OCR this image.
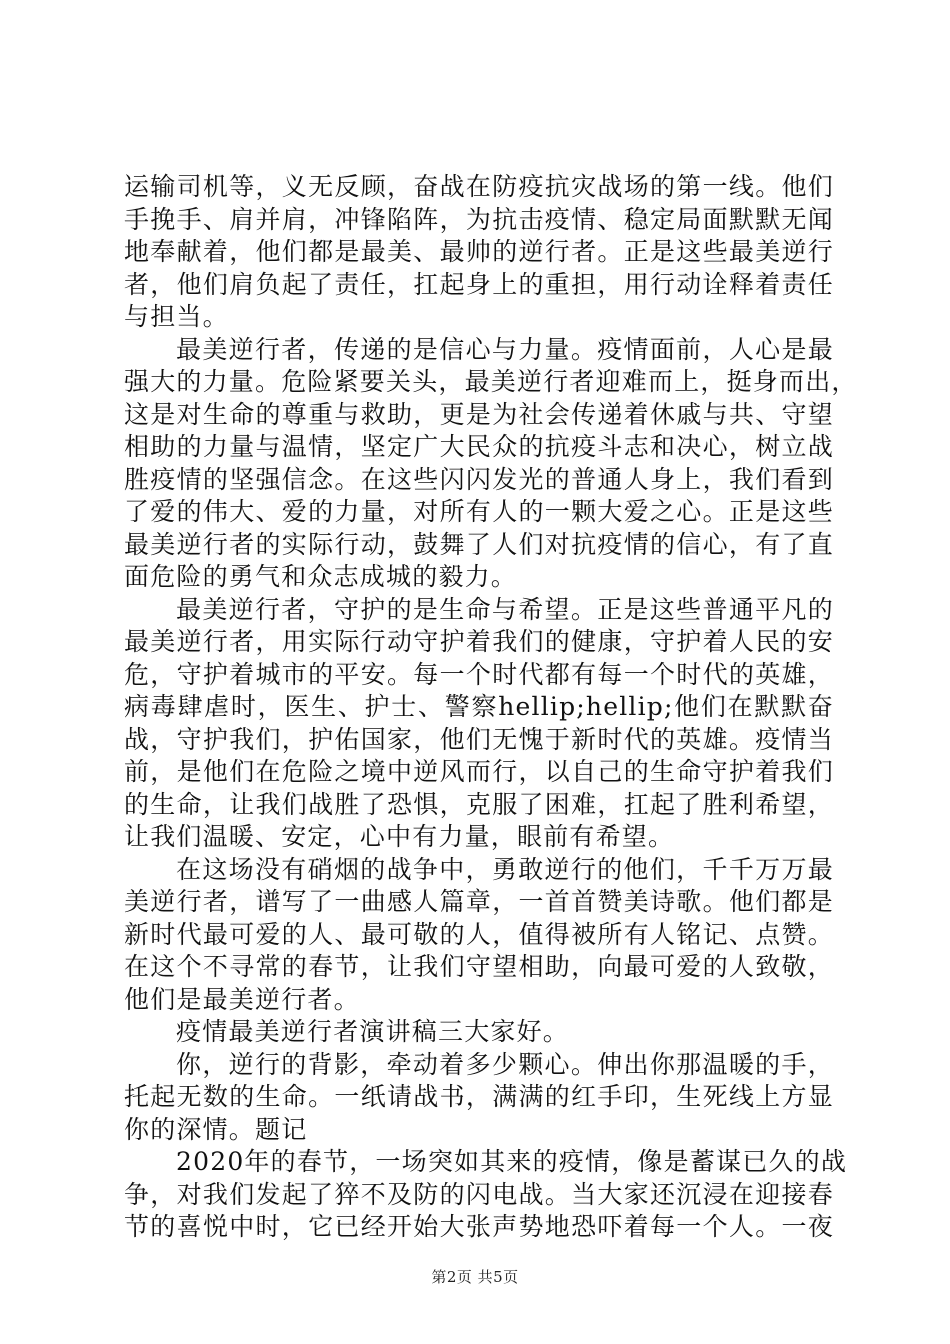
运输司机等，义无反顾，奋战在防疫抗灾战场的第一线。他们
手挽手、肩并肩，冲锋陷阵，为抗击疫情、稳定局面默默无闻
地奉献着，他们都是最美、最帅的逆行者。正是这些最美逆行
者，他们肩负起了责任，扛起身上的重担，用行动诠释着责任
与担当。
最美逆行者，传递的是信心与力量。疫情面前，人心是最
强大的力量。危险紧要关头，最美逆行者迎难而上，挺身而出，
这是对生命的尊重与救助，更是为社会传递着休戚与共、守望
相助的力量与温情，坚定广大民众的抗疫斗志和决心，树立战
胜疫情的坚强信念。在这些闪闪发光的普通人身上，我们看到
了爱的伟大、爱的力量，对所有人的一颗大爱之心。正是这些
最美逆行者的实际行动，鼓舞了人们对抗疫情的信心，有了直
面危险的勇气和众志成城的毅力。
最美逆行者，守护的是生命与希望。正是这些普通平凡的
最美逆行者，用实际行动守护着我们的健康，守护着人民的安
危，守护着城市的平安。每一个时代都有每一个时代的英雄，
病毒肆虐时，医生、护士、警察hellip;hellip;他们在默默奋
战，守护我们，护佑国家，他们无愧于新时代的英雄。疫情当
前，是他们在危险之境中逆风而行，以自己的生命守护着我们
的生命，让我们战胜了恐惧，克服了困难，扛起了胜利希望，
让我们温暖、安定，心中有力量，眼前有希望。
在这场没有硝烟的战争中，勇敢逆行的他们，千千万万最
美逆行者，谱写了一曲感人篇章，一首首赞美诗歌。他们都是
新时代最可爱的人、最可敬的人，值得被所有人铭记、点赞。
在这个不寻常的春节，让我们守望相助，向最可爱的人致敬，
他们是最美逆行者。
疫情最美逆行者演讲稿三大家好。
你，逆行的背影，牵动着多少颗心。伸出你那温暖的手，
托起无数的生命。一纸请战书，满满的红手印，生死线上方显
你的深情。题记
2020年的春节，一场突如其来的疫情，像是蓄谋已久的战
争，对我们发起了猝不及防的闪电战。当大家还沉浸在迎接春
节的喜悦中时，它已经开始大张声势地恐吓着每一个人。一夜
第2页 共5页
